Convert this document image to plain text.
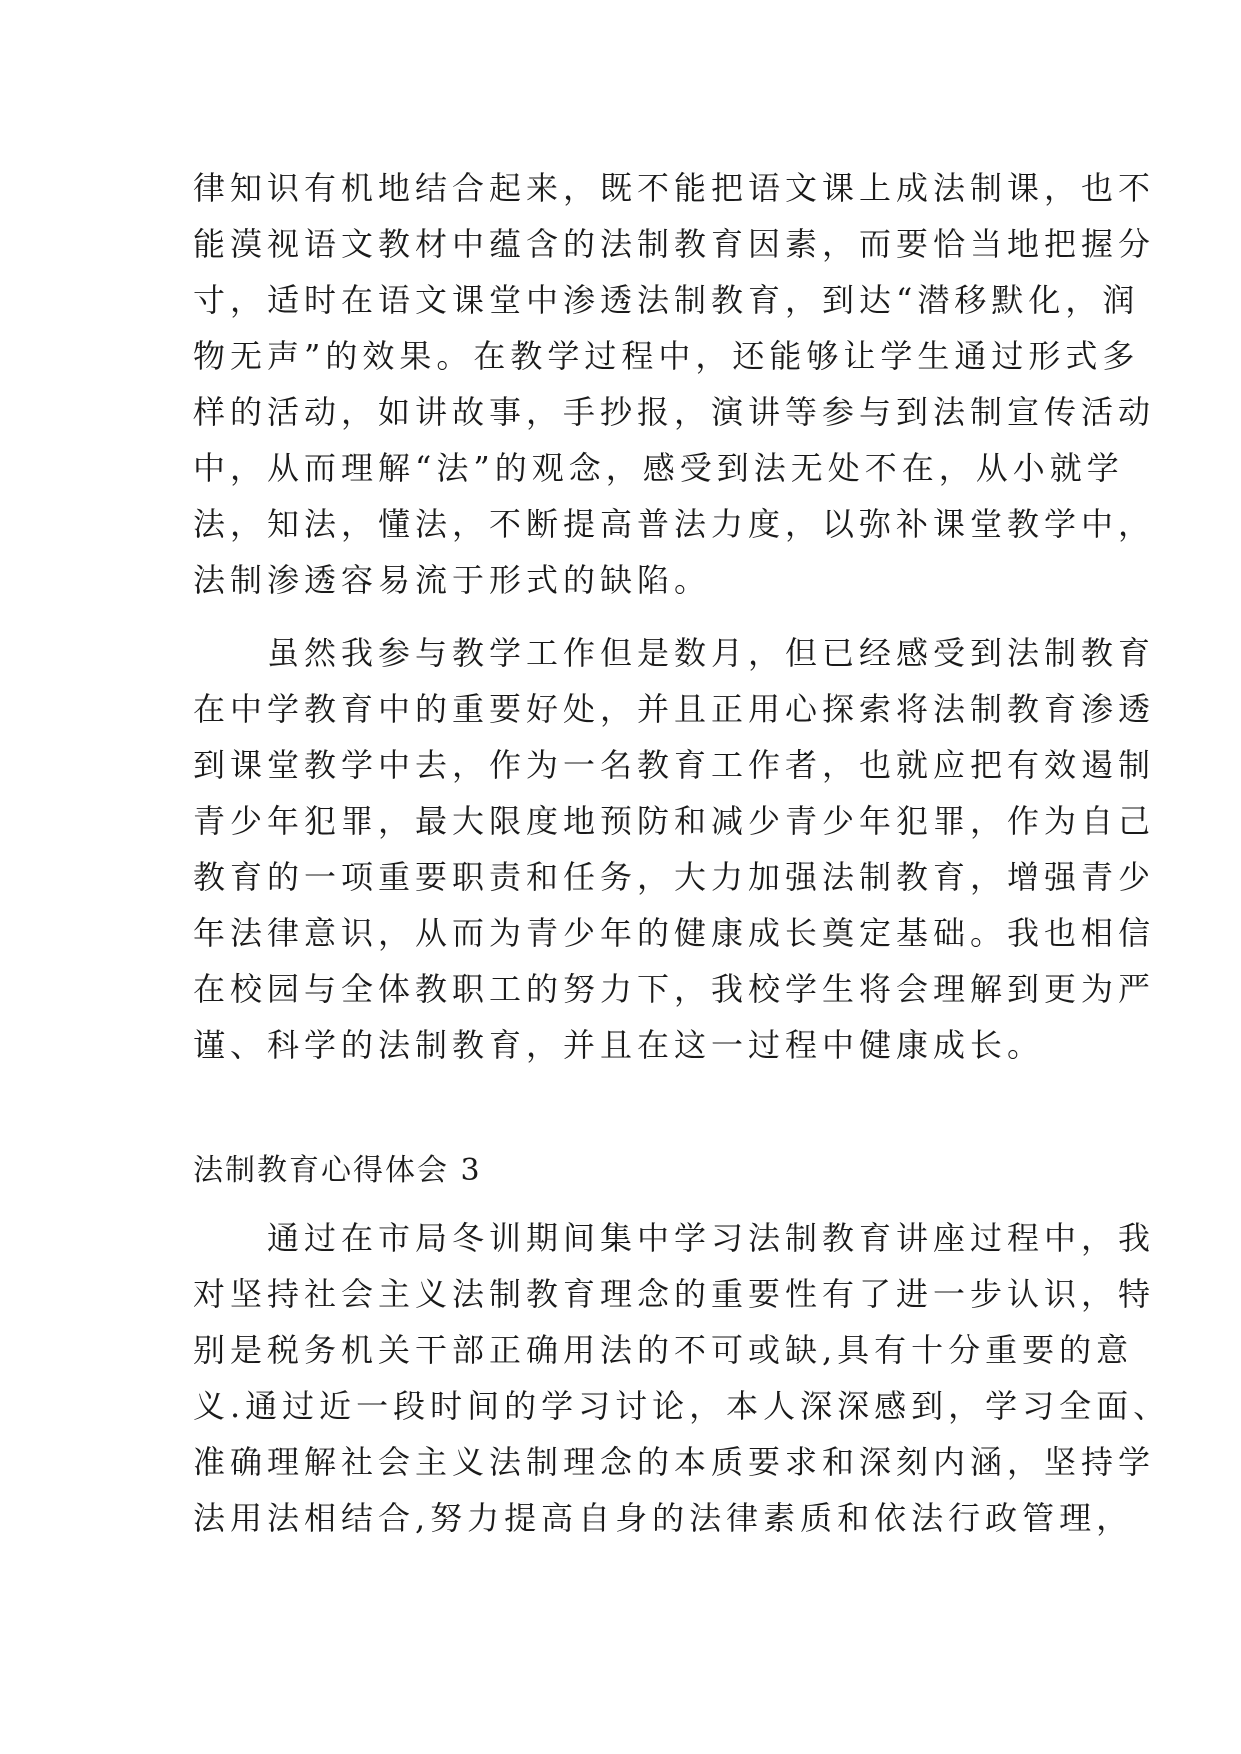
律知识有机地结合起来，既不能把语文课上成法制课，也不
能漠视语文教材中蕴含的法制教育因素，而要恰当地把握分
寸，适时在语文课堂中渗透法制教育，到达“潜移默化，润
物无声”的效果。在教学过程中，还能够让学生通过形式多
样的活动，如讲故事，手抄报，演讲等参与到法制宣传活动
中，从而理解“法”的观念，感受到法无处不在，从小就学
法，知法，懂法，不断提高普法力度，以弥补课堂教学中，
法制渗透容易流于形式的缺陷。
　　虽然我参与教学工作但是数月，但已经感受到法制教育
在中学教育中的重要好处，并且正用心探索将法制教育渗透
到课堂教学中去，作为一名教育工作者，也就应把有效遏制
青少年犯罪，最大限度地预防和减少青少年犯罪，作为自己
教育的一项重要职责和任务，大力加强法制教育，增强青少
年法律意识，从而为青少年的健康成长奠定基础。我也相信
在校园与全体教职工的努力下，我校学生将会理解到更为严
谨、科学的法制教育，并且在这一过程中健康成长。
法制教育心得体会 3
　　通过在市局冬训期间集中学习法制教育讲座过程中，我
对坚持社会主义法制教育理念的重要性有了进一步认识，特
别是税务机关干部正确用法的不可或缺,具有十分重要的意
义.通过近一段时间的学习讨论，本人深深感到，学习全面、
准确理解社会主义法制理念的本质要求和深刻内涵，坚持学
法用法相结合,努力提高自身的法律素质和依法行政管理，
